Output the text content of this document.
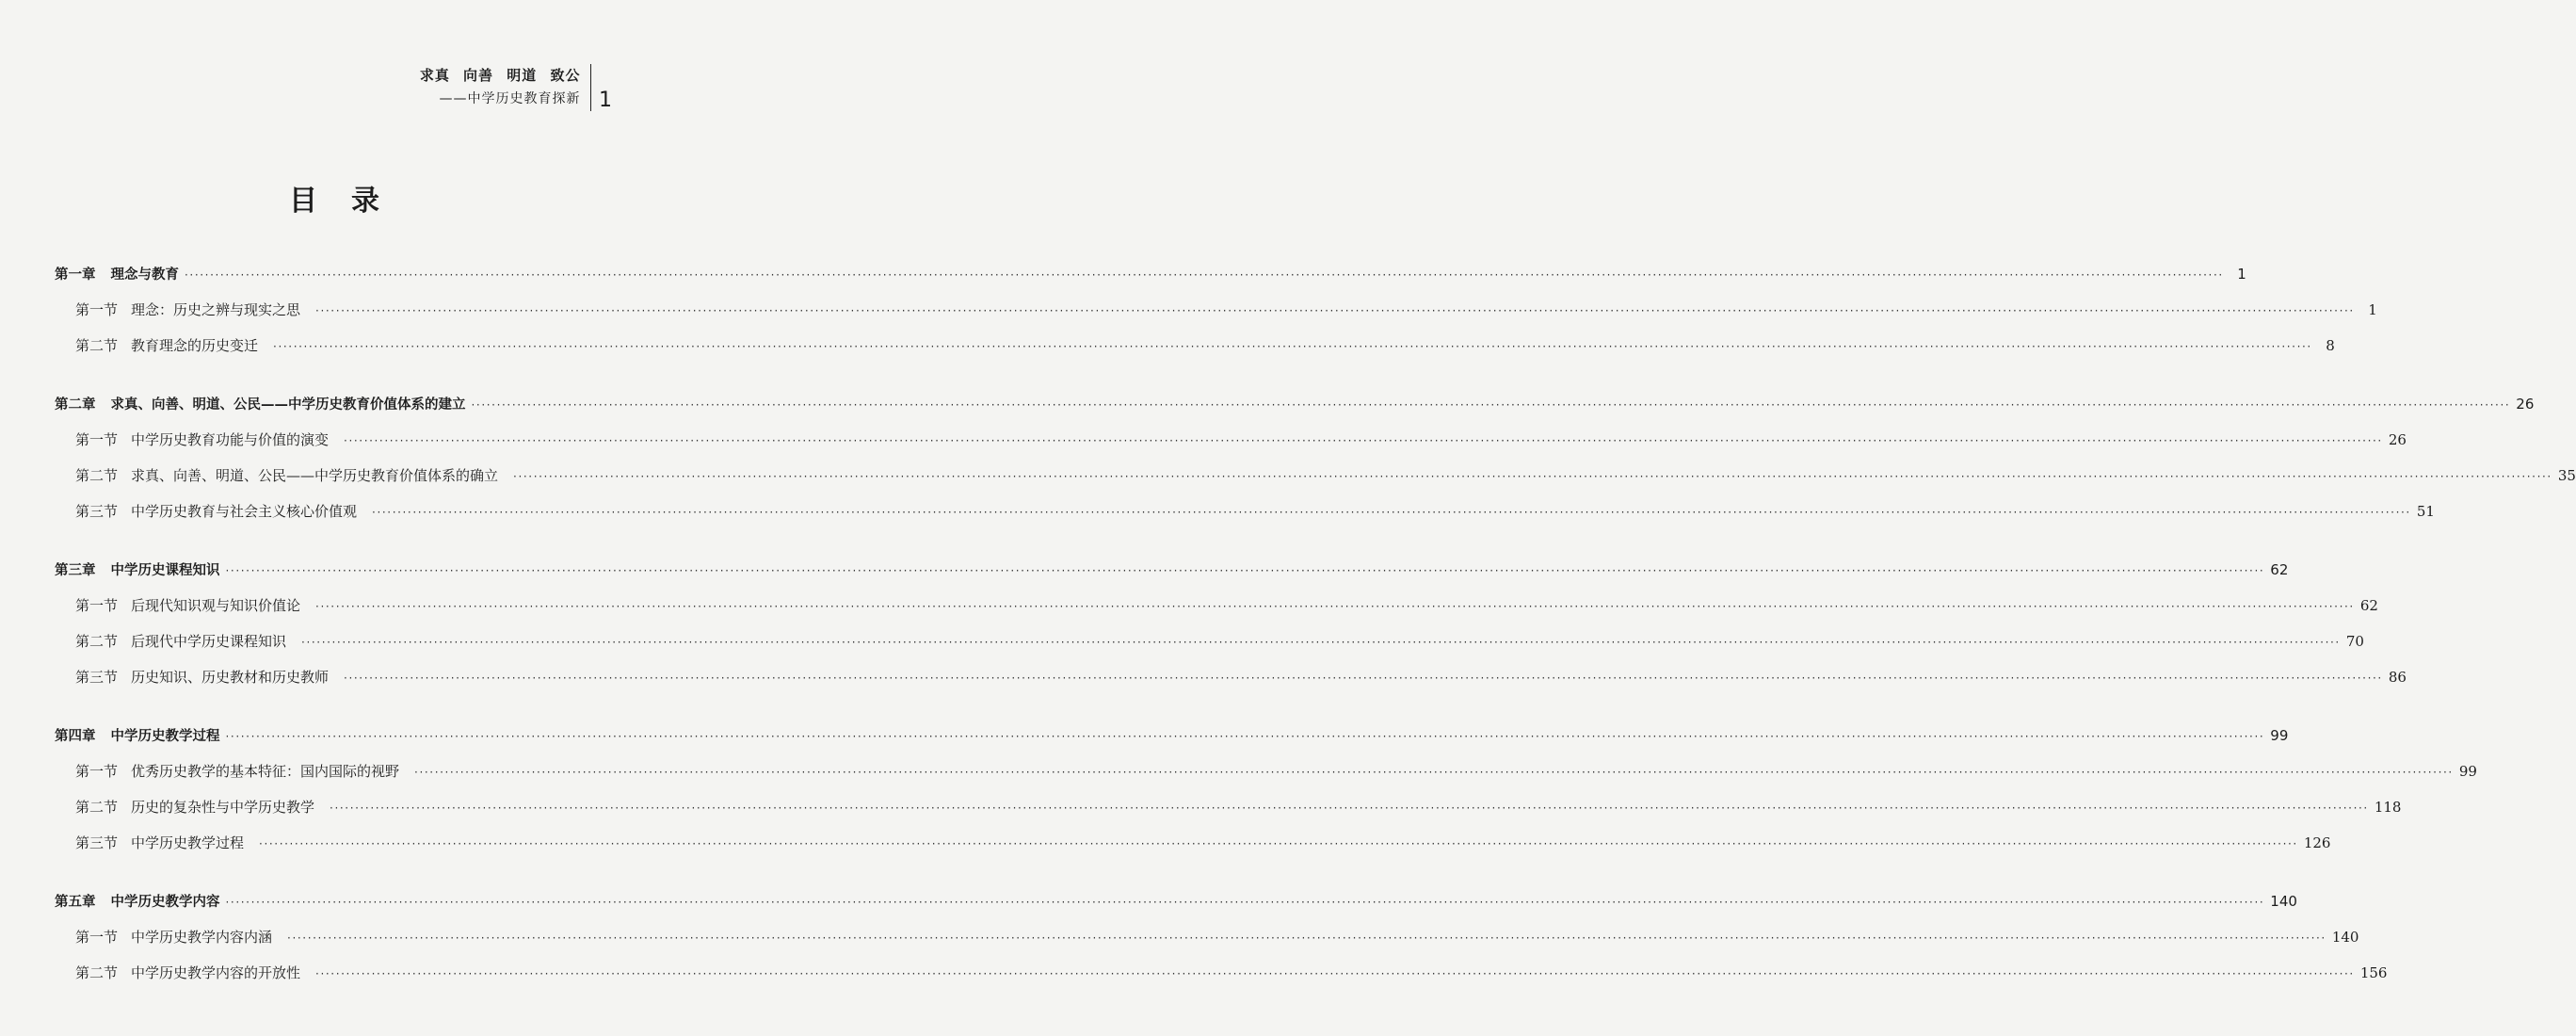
求真 向善 明道 致公
——中学历史教育探新 1
目录
第一章 理念与教育 ················································································································································································································································································································································································································ 1
第一节 理念：历史之辨与现实之思 ················································································································································································································································································································································································································ 1
第二节 教育理念的历史变迁 ················································································································································································································································································································································································································ 8
第二章 求真、向善、明道、公民——中学历史教育价值体系的建立 ················································································································································································································································································································································································································ 26
第一节 中学历史教育功能与价值的演变 ················································································································································································································································································································································································································ 26
第二节 求真、向善、明道、公民——中学历史教育价值体系的确立 ················································································································································································································································································································································································································ 35
第三节 中学历史教育与社会主义核心价值观 ················································································································································································································································································································································································································ 51
第三章 中学历史课程知识 ················································································································································································································································································································································································································ 62
第一节 后现代知识观与知识价值论 ················································································································································································································································································································································································································ 62
第二节 后现代中学历史课程知识 ················································································································································································································································································································································································································ 70
第三节 历史知识、历史教材和历史教师 ················································································································································································································································································································································································································ 86
第四章 中学历史教学过程 ················································································································································································································································································································································································································ 99
第一节 优秀历史教学的基本特征：国内国际的视野 ················································································································································································································································································································································································································ 99
第二节 历史的复杂性与中学历史教学 ················································································································································································································································································································································································································ 118
第三节 中学历史教学过程 ················································································································································································································································································································································································································ 126
第五章 中学历史教学内容 ················································································································································································································································································································································································································ 140
第一节 中学历史教学内容内涵 ················································································································································································································································································································································································································ 140
第二节 中学历史教学内容的开放性 ················································································································································································································································································································································································································ 156
